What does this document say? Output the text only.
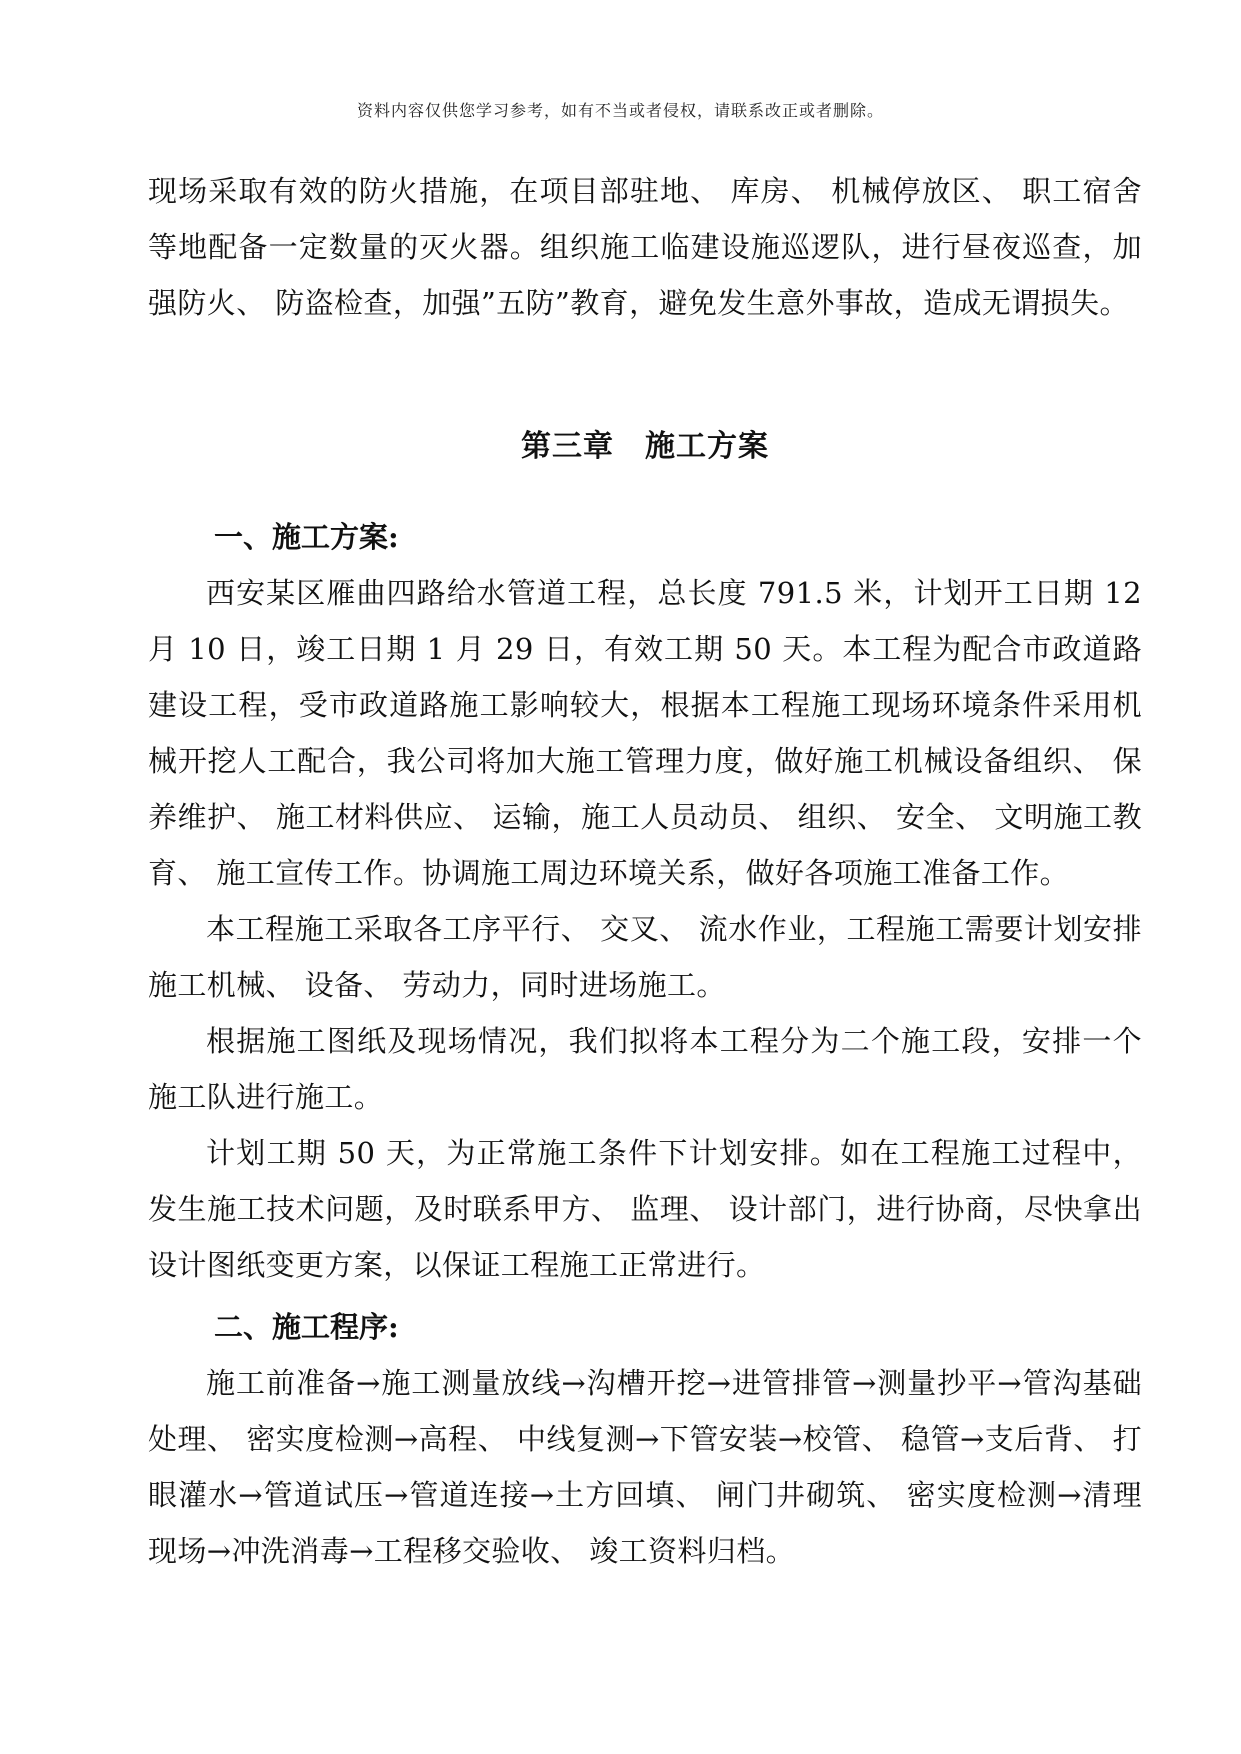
资料内容仅供您学习参考，如有不当或者侵权，请联系改正或者删除。

现场采取有效的防火措施，在项目部驻地、 库房、 机械停放区、 职工宿舍等地配备一定数量的灭火器。组织施工临建设施巡逻队，进行昼夜巡查，加强防火、 防盗检查，加强”五防”教育，避免发生意外事故，造成无谓损失。

第三章　施工方案
一、施工方案:

西安某区雁曲四路给水管道工程，总长度 791.5 米，计划开工日期 12 月 10 日，竣工日期 1 月 29 日，有效工期 50 天。本工程为配合市政道路建设工程，受市政道路施工影响较大，根据本工程施工现场环境条件采用机械开挖人工配合，我公司将加大施工管理力度，做好施工机械设备组织、 保养维护、 施工材料供应、 运输，施工人员动员、 组织、 安全、 文明施工教育、 施工宣传工作。协调施工周边环境关系，做好各项施工准备工作。

本工程施工采取各工序平行、 交叉、 流水作业，工程施工需要计划安排施工机械、 设备、 劳动力，同时进场施工。

根据施工图纸及现场情况，我们拟将本工程分为二个施工段，安排一个施工队进行施工。

计划工期 50 天，为正常施工条件下计划安排。如在工程施工过程中，发生施工技术问题，及时联系甲方、 监理、 设计部门，进行协商，尽快拿出设计图纸变更方案，以保证工程施工正常进行。

二、施工程序:

施工前准备→施工测量放线→沟槽开挖→进管排管→测量抄平→管沟基础处理、 密实度检测→高程、 中线复测→下管安装→校管、 稳管→支后背、 打眼灌水→管道试压→管道连接→土方回填、 闸门井砌筑、 密实度检测→清理现场→冲洗消毒→工程移交验收、 竣工资料归档。
